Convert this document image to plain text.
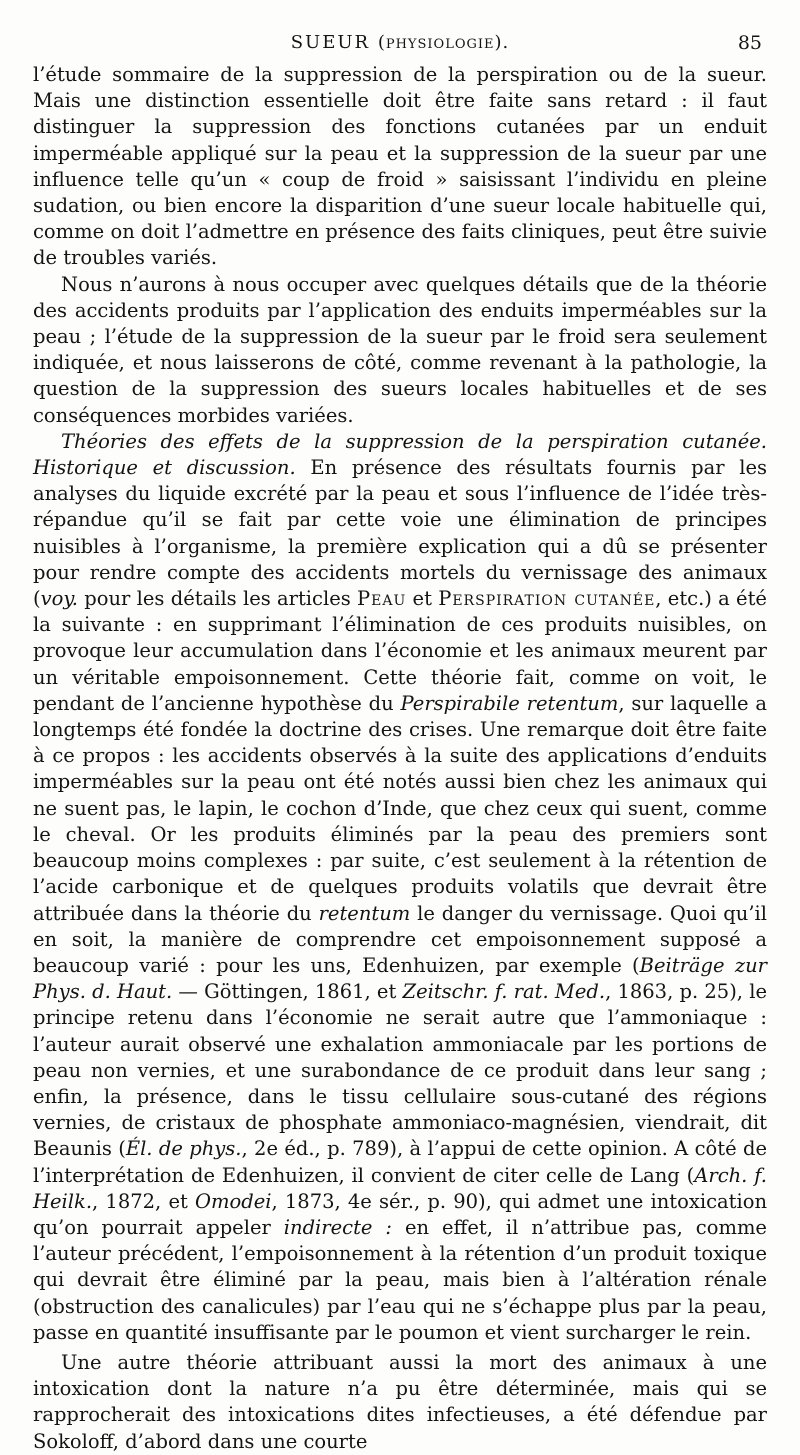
SUEUR (physiologie).	85

l’étude sommaire de la suppression de la perspiration ou de la sueur. Mais une distinction essentielle doit être faite sans retard : il faut distinguer la suppression des fonctions cutanées par un enduit imperméable appliqué sur la peau et la suppression de la sueur par une influence telle qu’un « coup de froid » saisissant l’individu en pleine sudation, ou bien encore la disparition d’une sueur locale habituelle qui, comme on doit l’admettre en présence des faits cliniques, peut être suivie de troubles variés.

Nous n’aurons à nous occuper avec quelques détails que de la théorie des accidents produits par l’application des enduits imperméables sur la peau ; l’étude de la suppression de la sueur par le froid sera seulement indiquée, et nous laisserons de côté, comme revenant à la pathologie, la question de la suppression des sueurs locales habituelles et de ses conséquences morbides variées.

Théories des effets de la suppression de la perspiration cutanée. Historique et discussion. En présence des résultats fournis par les analyses du liquide excrété par la peau et sous l’influence de l’idée très-répandue qu’il se fait par cette voie une élimination de principes nuisibles à l’organisme, la première explication qui a dû se présenter pour rendre compte des accidents mortels du vernissage des animaux (voy. pour les détails les articles Peau et Perspiration cutanée, etc.) a été la suivante : en supprimant l’élimination de ces produits nuisibles, on provoque leur accumulation dans l’économie et les animaux meurent par un véritable empoisonnement. Cette théorie fait, comme on voit, le pendant de l’ancienne hypothèse du Perspirabile retentum, sur laquelle a longtemps été fondée la doctrine des crises. Une remarque doit être faite à ce propos : les accidents observés à la suite des applications d’enduits imperméables sur la peau ont été notés aussi bien chez les animaux qui ne suent pas, le lapin, le cochon d’Inde, que chez ceux qui suent, comme le cheval. Or les produits éliminés par la peau des premiers sont beaucoup moins complexes : par suite, c’est seulement à la rétention de l’acide carbonique et de quelques produits volatils que devrait être attribuée dans la théorie du retentum le danger du vernissage. Quoi qu’il en soit, la manière de comprendre cet empoisonnement supposé a beaucoup varié : pour les uns, Edenhuizen, par exemple (Beiträge zur Phys. d. Haut. — Göttingen, 1861, et Zeitschr. f. rat. Med., 1863, p. 25), le principe retenu dans l’économie ne serait autre que l’ammoniaque : l’auteur aurait observé une exhalation ammoniacale par les portions de peau non vernies, et une surabondance de ce produit dans leur sang ; enfin, la présence, dans le tissu cellulaire sous-cutané des régions vernies, de cristaux de phosphate ammoniaco-magnésien, viendrait, dit Beaunis (Él. de phys., 2e éd., p. 789), à l’appui de cette opinion. A côté de l’interprétation de Edenhuizen, il convient de citer celle de Lang (Arch. f. Heilk., 1872, et Omodei, 1873, 4e sér., p. 90), qui admet une intoxication qu’on pourrait appeler indirecte : en effet, il n’attribue pas, comme l’auteur précédent, l’empoisonnement à la rétention d’un produit toxique qui devrait être éliminé par la peau, mais bien à l’altération rénale (obstruction des canalicules) par l’eau qui ne s’échappe plus par la peau, passe en quantité insuffisante par le poumon et vient surcharger le rein.

Une autre théorie attribuant aussi la mort des animaux à une intoxication dont la nature n’a pu être déterminée, mais qui se rapprocherait des intoxications dites infectieuses, a été défendue par Sokoloff, d’abord dans une courte
